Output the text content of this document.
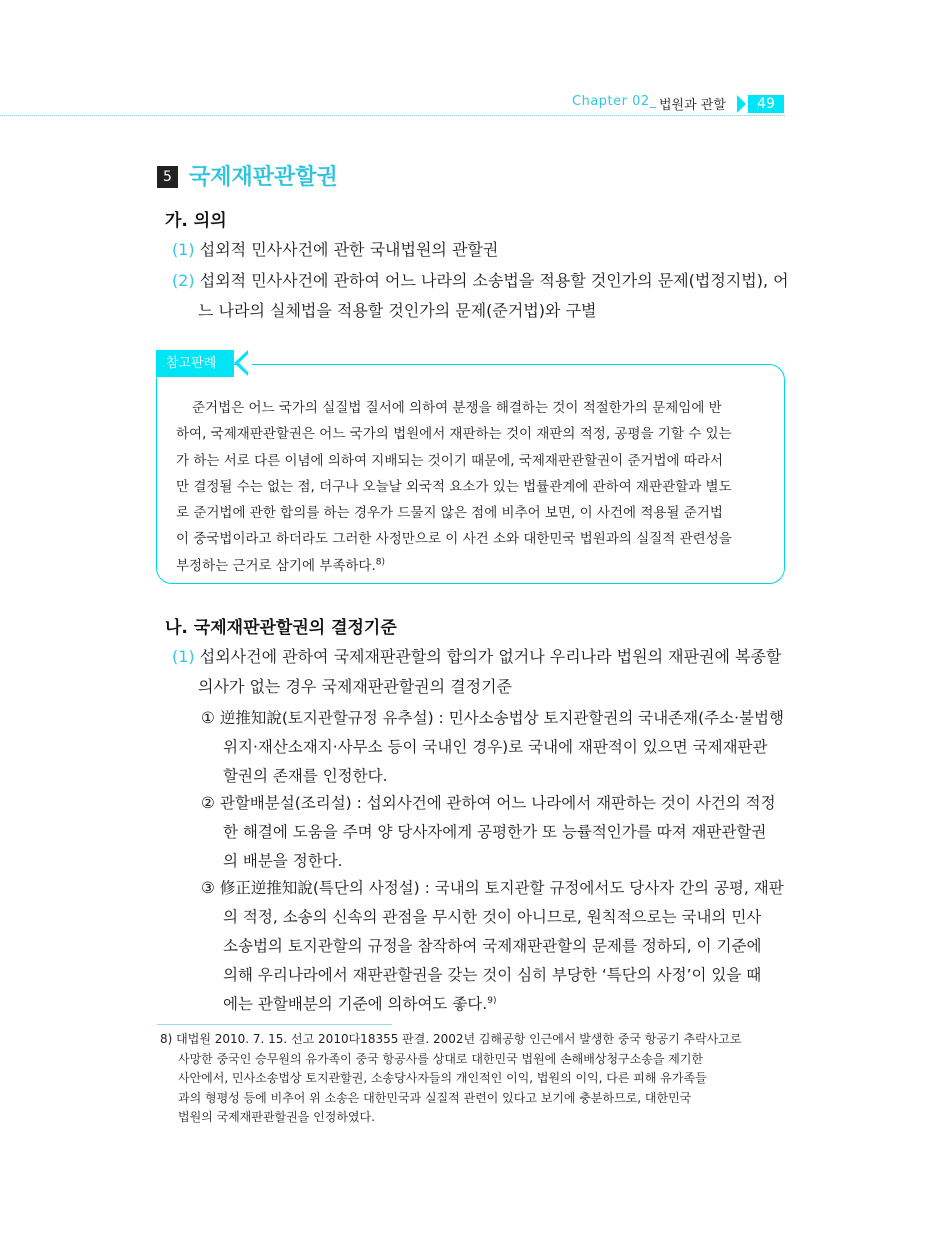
Chapter 02_ 법원과 관할	49
5 국제재판관할권
가. 의의
(1) 섭외적 민사사건에 관한 국내법원의 관할권
(2) 섭외적 민사사건에 관하여 어느 나라의 소송법을 적용할 것인가의 문제(법정지법), 어
느 나라의 실체법을 적용할 것인가의 문제(준거법)와 구별
참고판례
준거법은 어느 국가의 실질법 질서에 의하여 분쟁을 해결하는 것이 적절한가의 문제임에 반
하여, 국제재판관할권은 어느 국가의 법원에서 재판하는 것이 재판의 적정, 공평을 기할 수 있는
가 하는 서로 다른 이념에 의하여 지배되는 것이기 때문에, 국제재판관할권이 준거법에 따라서
만 결정될 수는 없는 점, 더구나 오늘날 외국적 요소가 있는 법률관계에 관하여 재판관할과 별도
로 준거법에 관한 합의를 하는 경우가 드물지 않은 점에 비추어 보면, 이 사건에 적용될 준거법
이 중국법이라고 하더라도 그러한 사정만으로 이 사건 소와 대한민국 법원과의 실질적 관련성을
부정하는 근거로 삼기에 부족하다.$^{8)}$
나. 국제재판관할권의 결정기준
(1) 섭외사건에 관하여 국제재판관할의 합의가 없거나 우리나라 법원의 재판권에 복종할
의사가 없는 경우 국제재판관할권의 결정기준
① 逆推知說(토지관할규정 유추설) : 민사소송법상 토지관할권의 국내존재(주소·불법행
위지·재산소재지·사무소 등이 국내인 경우)로 국내에 재판적이 있으면 국제재판관
할권의 존재를 인정한다.
② 관할배분설(조리설) : 섭외사건에 관하여 어느 나라에서 재판하는 것이 사건의 적정
한 해결에 도움을 주며 양 당사자에게 공평한가 또 능률적인가를 따져 재판관할권
의 배분을 정한다.
③ 修正逆推知說(특단의 사정설) : 국내의 토지관할 규정에서도 당사자 간의 공평, 재판
의 적정, 소송의 신속의 관점을 무시한 것이 아니므로, 원칙적으로는 국내의 민사
소송법의 토지관할의 규정을 참작하여 국제재판관할의 문제를 정하되, 이 기준에
의해 우리나라에서 재판관할권을 갖는 것이 심히 부당한 ‘특단의 사정’이 있을 때
에는 관할배분의 기준에 의하여도 좋다.$^{9)}$
8) 대법원 2010. 7. 15. 선고 2010다18355 판결. 2002년 김해공항 인근에서 발생한 중국 항공기 추락사고로
사망한 중국인 승무원의 유가족이 중국 항공사를 상대로 대한민국 법원에 손해배상청구소송을 제기한
사안에서, 민사소송법상 토지관할권, 소송당사자들의 개인적인 이익, 법원의 이익, 다른 피해 유가족들
과의 형평성 등에 비추어 위 소송은 대한민국과 실질적 관련이 있다고 보기에 충분하므로, 대한민국
법원의 국제재판관할권을 인정하였다.
